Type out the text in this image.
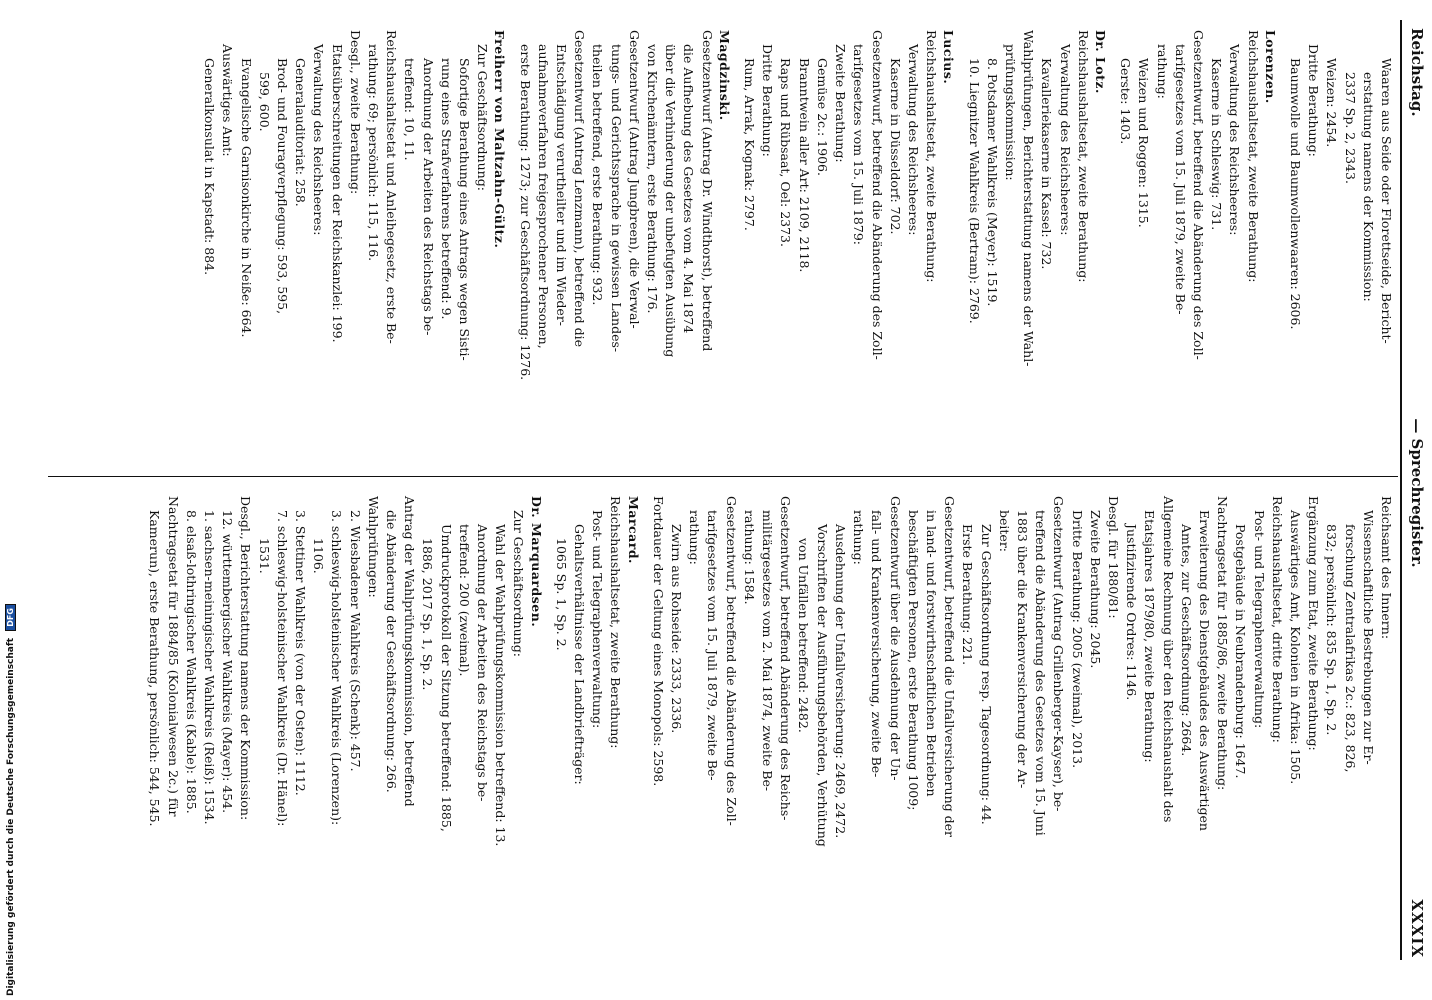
Reichstag.
— Sprechregister.
XXXIX

Waaren aus Seide oder Florettseide, Bericht-

erstattung namens der Kommission:

2337 Sp. 2, 2343.

Weizen: 2454.

Dritte Berathung:

Baumwolle und Baumwollenwaaren: 2606.

Lorenzen.

Reichshaushaltsetat, zweite Berathung:

Verwaltung des Reichsheeres:

Kaserne in Schleswig: 731.

Gesetzentwurf, betreffend die Abänderung des Zoll-

tarifgesetzes vom 15. Juli 1879, zweite Be-

rathung:

Weizen und Roggen: 1315.

Gerste: 1403.

Dr. Lotz.

Reichshaushaltsetat, zweite Berathung:

Verwaltung des Reichsheeres:

Kavalleriekaserne in Kassel: 732.

Wahlprüfungen, Berichterstattung namens der Wahl-

prüfungskommission:

8. Potsdamer Wahlkreis (Meyer): 1519.

10. Liegnitzer Wahlkreis (Bertram): 2769.

Lucius.

Reichshaushaltsetat, zweite Berathung:

Verwaltung des Reichsheeres:

Kaserne in Düsseldorf: 702.

Gesetzentwurf, betreffend die Abänderung des Zoll-

tarifgesetzes vom 15. Juli 1879:

Zweite Berathung:

Gemüse 2c.: 1906.

Branntwein aller Art: 2109, 2118.

Raps und Rübsaat, Oel: 2373.

Dritte Berathung:

Rum, Arrak, Kognak: 2797.

Magdzinski.

Gesetzentwurf (Antrag Dr. Windthorst), betreffend

die Aufhebung des Gesetzes vom 4. Mai 1874

über die Verhinderung der unbefugten Ausübung

von Kirchenämtern, erste Berathung: 176.

Gesetzentwurf (Antrag Jungbreen), die Verwal-

tungs- und Gerichtssprache in gewissen Landes-

theilen betreffend, erste Berathung: 932.

Gesetzentwurf (Antrag Lenzmann), betreffend die

Entschädigung verurtheilter und im Wieder-

aufnahmeverfahren freigesprochener Personen,

erste Berathung: 1273; zur Geschäftsordnung: 1276.

Freiherr von Maltzahn-Gültz.

Zur Geschäftsordnung:

Sofortige Berathung eines Antrags wegen Sisti-

rung eines Strafverfahrens betreffend: 9.

Anordnung der Arbeiten des Reichstags be-

treffend: 10, 11.

Reichshaushaltsetat und Anleihegesetz, erste Be-

rathung: 69; persönlich: 115, 116.

Desgl., zweite Berathung:

Etatsüberschreitungen der Reichskanzlei: 199.

Verwaltung des Reichsheeres:

Generalauditoriat: 258.

Brod- und Fouragverpflegung: 593, 595,

599, 600.

Evangelische Garnisonkirche in Neiße: 664.

Auswärtiges Amt:

Generalkonsulat in Kapstadt: 884.

Reichsamt des Innern:

Wissenschaftliche Bestrebungen zur Er-

forschung Zentralafrikas 2c.: 823, 826,

832; persönlich: 835 Sp. 1, Sp. 2.

Ergänzung zum Etat, zweite Berathung:

Auswärtiges Amt, Kolonien in Afrika: 1505.

Reichshaushaltsetat, dritte Berathung:

Post- und Telegraphenverwaltung:

Postgebäude in Neubrandenburg: 1647.

Nachtragsetat für 1885/86, zweite Berathung:

Erweiterung des Dienstgebäudes des Auswärtigen

Amtes, zur Geschäftsordnung: 2664.

Allgemeine Rechnung über den Reichshaushalt des

Etatsjahres 1879/80, zweite Berathung:

Justifizirende Ordres: 1146.

Desgl. für 1880/81:

Zweite Berathung: 2045.

Dritte Berathung: 2005 (zweimal), 2013.

Gesetzentwurf (Antrag Grillenberger-Kayser), be-

treffend die Abänderung des Gesetzes vom 15. Juni

1883 über die Krankenversicherung der Ar-

beiter:

Zur Geschäftsordnung resp. Tagesordnung: 44.

Erste Berathung: 221.

Gesetzentwurf, betreffend die Unfallversicherung der

in land- und forstwirthschaftlichen Betrieben

beschäftigten Personen, erste Berathung 1009;

Gesetzentwurf über die Ausdehnung der Un-

fall- und Krankenversicherung, zweite Be-

rathung:

Ausdehnung der Unfallversicherung: 2469, 2472.

Vorschriften der Ausführungsbehörden, Verhütung

von Unfällen betreffend: 2482.

Gesetzentwurf, betreffend Abänderung des Reichs-

militärgesetzes vom 2. Mai 1874, zweite Be-

rathung: 1584.

Gesetzentwurf, betreffend die Abänderung des Zoll-

tarifgesetzes vom 15. Juli 1879, zweite Be-

rathung:

Zwirn aus Rohseide: 2333, 2336.

Fortdauer der Geltung eines Monopols: 2598.

Marcard.

Reichshaushaltsetat, zweite Berathung:

Post- und Telegraphenverwaltung:

Gehaltsverhältnisse der Landbriefträger:

1065 Sp. 1, Sp. 2.

Dr. Marquardsen.

Zur Geschäftsordnung:

Wahl der Wahlprüfungskommission betreffend: 13.

Anordnung der Arbeiten des Reichstags be-

treffend: 200 (zweimal).

Umdruckprotokoll der Sitzung betreffend: 1885,

1886, 2017 Sp. 1, Sp. 2.

Antrag der Wahlprüfungskommission, betreffend

die Abänderung der Geschäftsordnung: 266.

Wahlprüfungen:

2. Wiesbadener Wahlkreis (Schenk): 457.

3. schleswig-holsteinischer Wahlkreis (Lorenzen):

1106.

3. Stettiner Wahlkreis (von der Osten): 1112.

7. schleswig-holsteinischer Wahlkreis (Dr. Hänel):

1531.

Desgl., Berichterstattung namens der Kommission:

12. württembergischer Wahlkreis (Mayer): 454.

1. sachsen-meiningischer Wahlkreis (Reiß): 1534.

8. elsaß-lothringischer Wahlkreis (Kable): 1885.

Nachtragsetat für 1884/85 (Kolonialwesen 2c.) für

Kamerun), erste Berathung, persönlich: 544, 545.

Digitalisierung gefördert durch die Deutsche Forschungsgemeinschaft DFG
